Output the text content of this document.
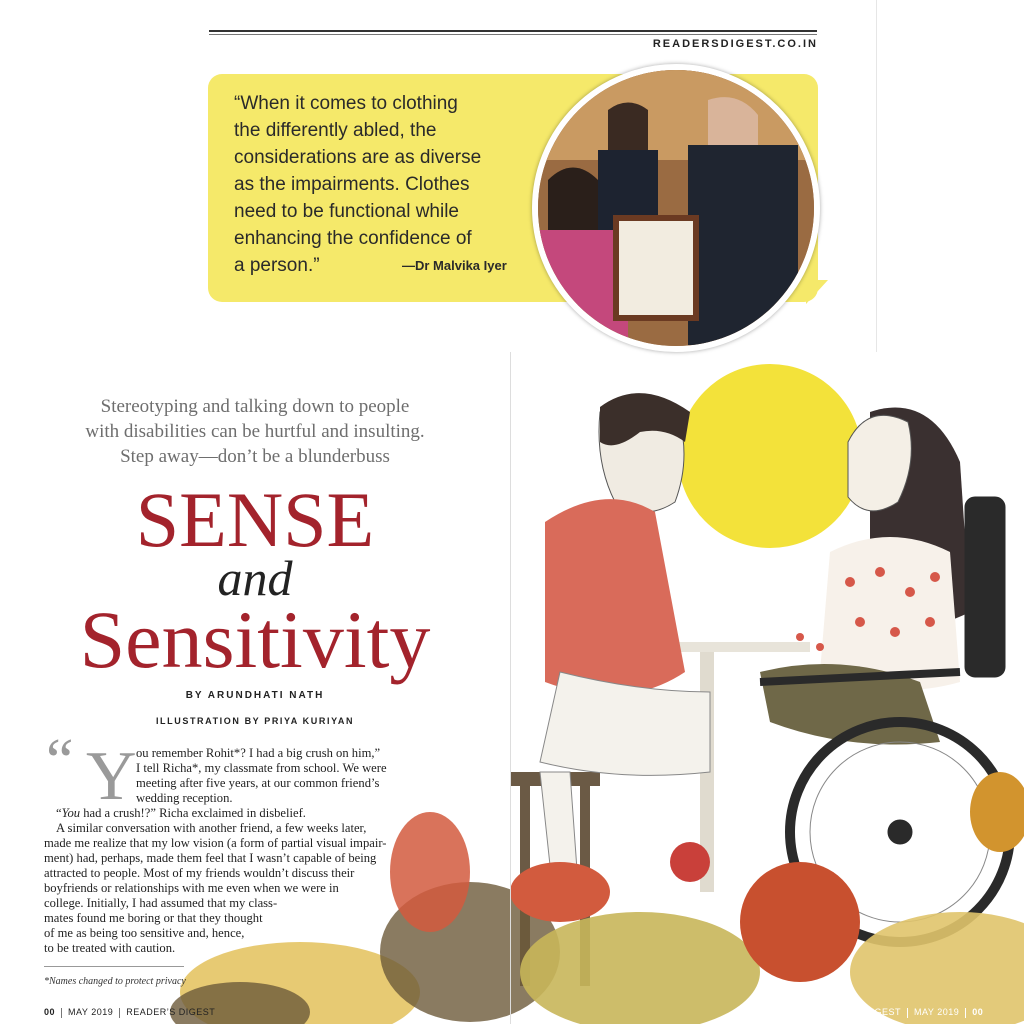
READERSDIGEST.CO.IN
“When it comes to clothing
the differently abled, the
considerations are as diverse
as the impairments. Clothes
need to be functional while
enhancing the confidence of
a person.”	—Dr Malvika Iyer
Stereotyping and talking down to people
with disabilities can be hurtful and insulting.
Step away—don’t be a blunderbuss
SENSE
and
Sensitivity
BY ARUNDHATI NATH
ILLUSTRATION BY PRIYA KURIYAN
“ Y ou remember Rohit*? I had a big crush on him,”
I tell Richa*, my classmate from school. We were
meeting after five years, at our common friend’s
wedding reception.

“You had a crush!?” Richa exclaimed in disbelief.

A similar conversation with another friend, a few weeks later,

made me realize that my low vision (a form of partial visual impair-
ment) had, perhaps, made them feel that I wasn’t capable of being
attracted to people. Most of my friends wouldn’t discuss their
boyfriends or relationships with me even when we were in
college. Initially, I had assumed that my class-
mates found me boring or that they thought
of me as being too sensitive and, hence,
to be treated with caution.
*Names changed to protect privacy
00 MAY 2019 READER’S DIGEST	READER’S DIGEST MAY 2019 00
